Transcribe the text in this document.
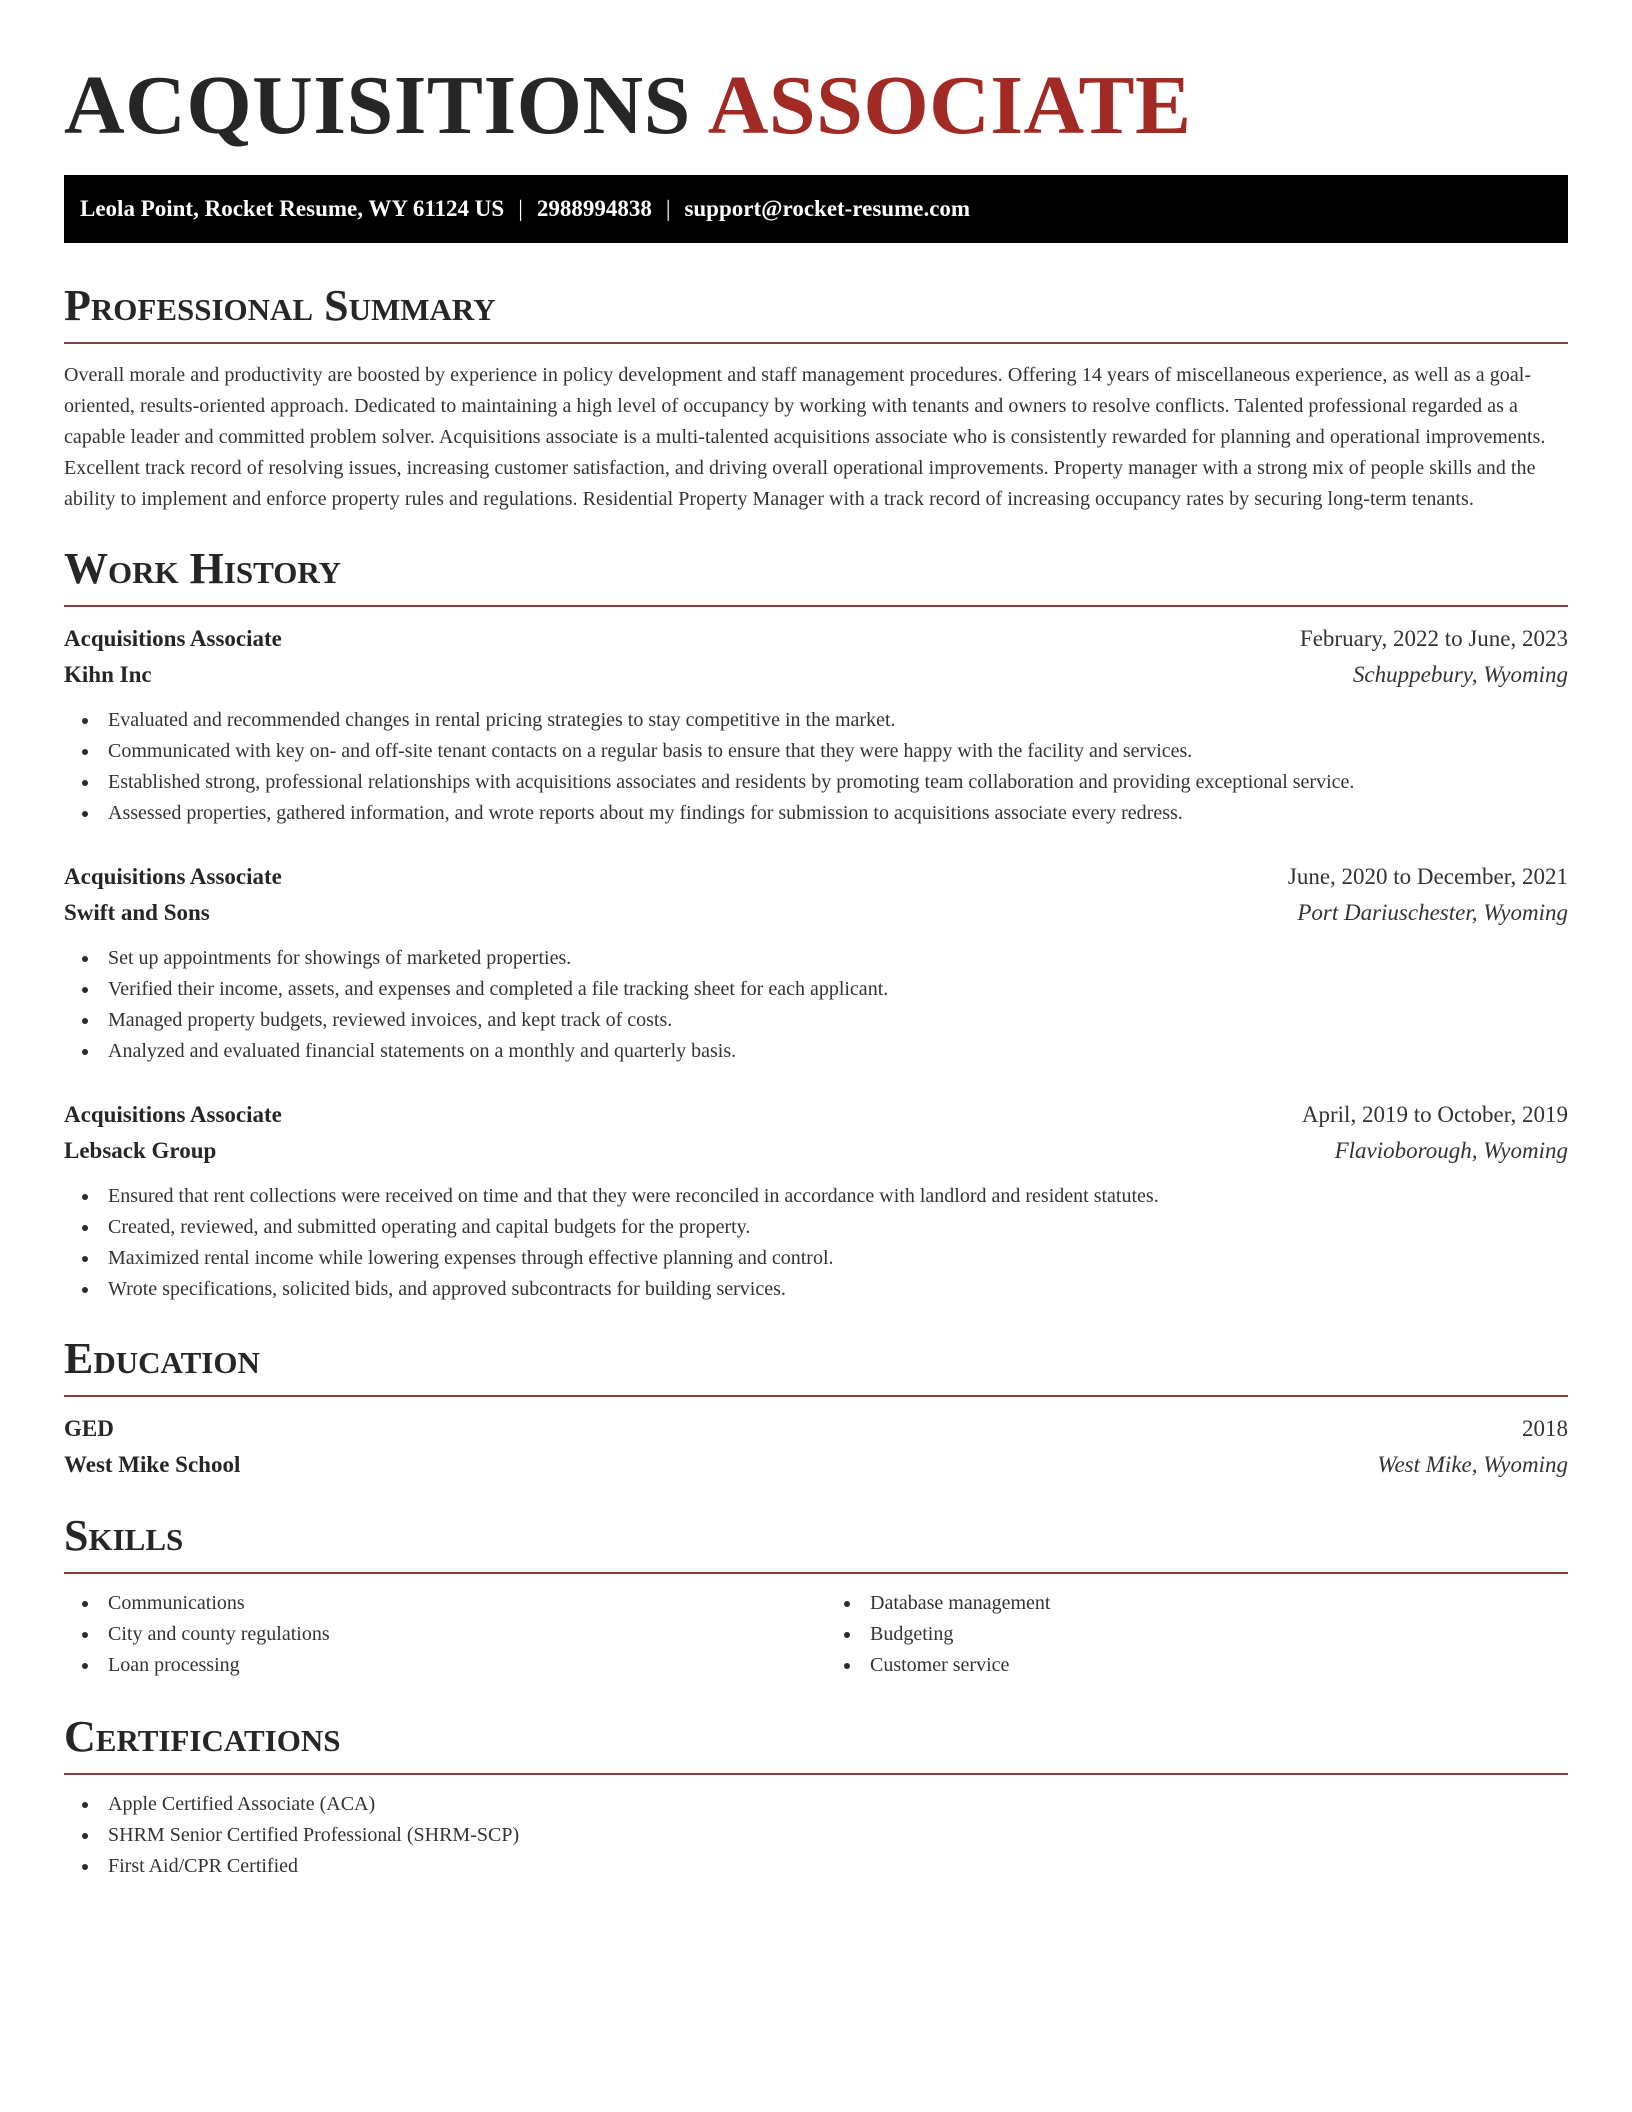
ACQUISITIONS ASSOCIATE
Leola Point, Rocket Resume, WY 61124 US | 2988994838 | support@rocket-resume.com
Professional Summary

Overall morale and productivity are boosted by experience in policy development and staff management procedures. Offering 14 years of miscellaneous experience, as well as a goal-oriented, results-oriented approach. Dedicated to maintaining a high level of occupancy by working with tenants and owners to resolve conflicts. Talented professional regarded as a capable leader and committed problem solver. Acquisitions associate is a multi-talented acquisitions associate who is consistently rewarded for planning and operational improvements. Excellent track record of resolving issues, increasing customer satisfaction, and driving overall operational improvements. Property manager with a strong mix of people skills and the ability to implement and enforce property rules and regulations. Residential Property Manager with a track record of increasing occupancy rates by securing long-term tenants.

Work History
Acquisitions Associate	February, 2022 to June, 2023
Kihn Inc	Schuppebury, Wyoming
Evaluated and recommended changes in rental pricing strategies to stay competitive in the market.
Communicated with key on- and off-site tenant contacts on a regular basis to ensure that they were happy with the facility and services.
Established strong, professional relationships with acquisitions associates and residents by promoting team collaboration and providing exceptional service.
Assessed properties, gathered information, and wrote reports about my findings for submission to acquisitions associate every redress.
Acquisitions Associate	June, 2020 to December, 2021
Swift and Sons	Port Dariuschester, Wyoming
Set up appointments for showings of marketed properties.
Verified their income, assets, and expenses and completed a file tracking sheet for each applicant.
Managed property budgets, reviewed invoices, and kept track of costs.
Analyzed and evaluated financial statements on a monthly and quarterly basis.
Acquisitions Associate	April, 2019 to October, 2019
Lebsack Group	Flavioborough, Wyoming
Ensured that rent collections were received on time and that they were reconciled in accordance with landlord and resident statutes.
Created, reviewed, and submitted operating and capital budgets for the property.
Maximized rental income while lowering expenses through effective planning and control.
Wrote specifications, solicited bids, and approved subcontracts for building services.
Education
GED	2018
West Mike School	West Mike, Wyoming
Skills
Communications
City and county regulations
Loan processing
Database management
Budgeting
Customer service
Certifications
Apple Certified Associate (ACA)
SHRM Senior Certified Professional (SHRM-SCP)
First Aid/CPR Certified
